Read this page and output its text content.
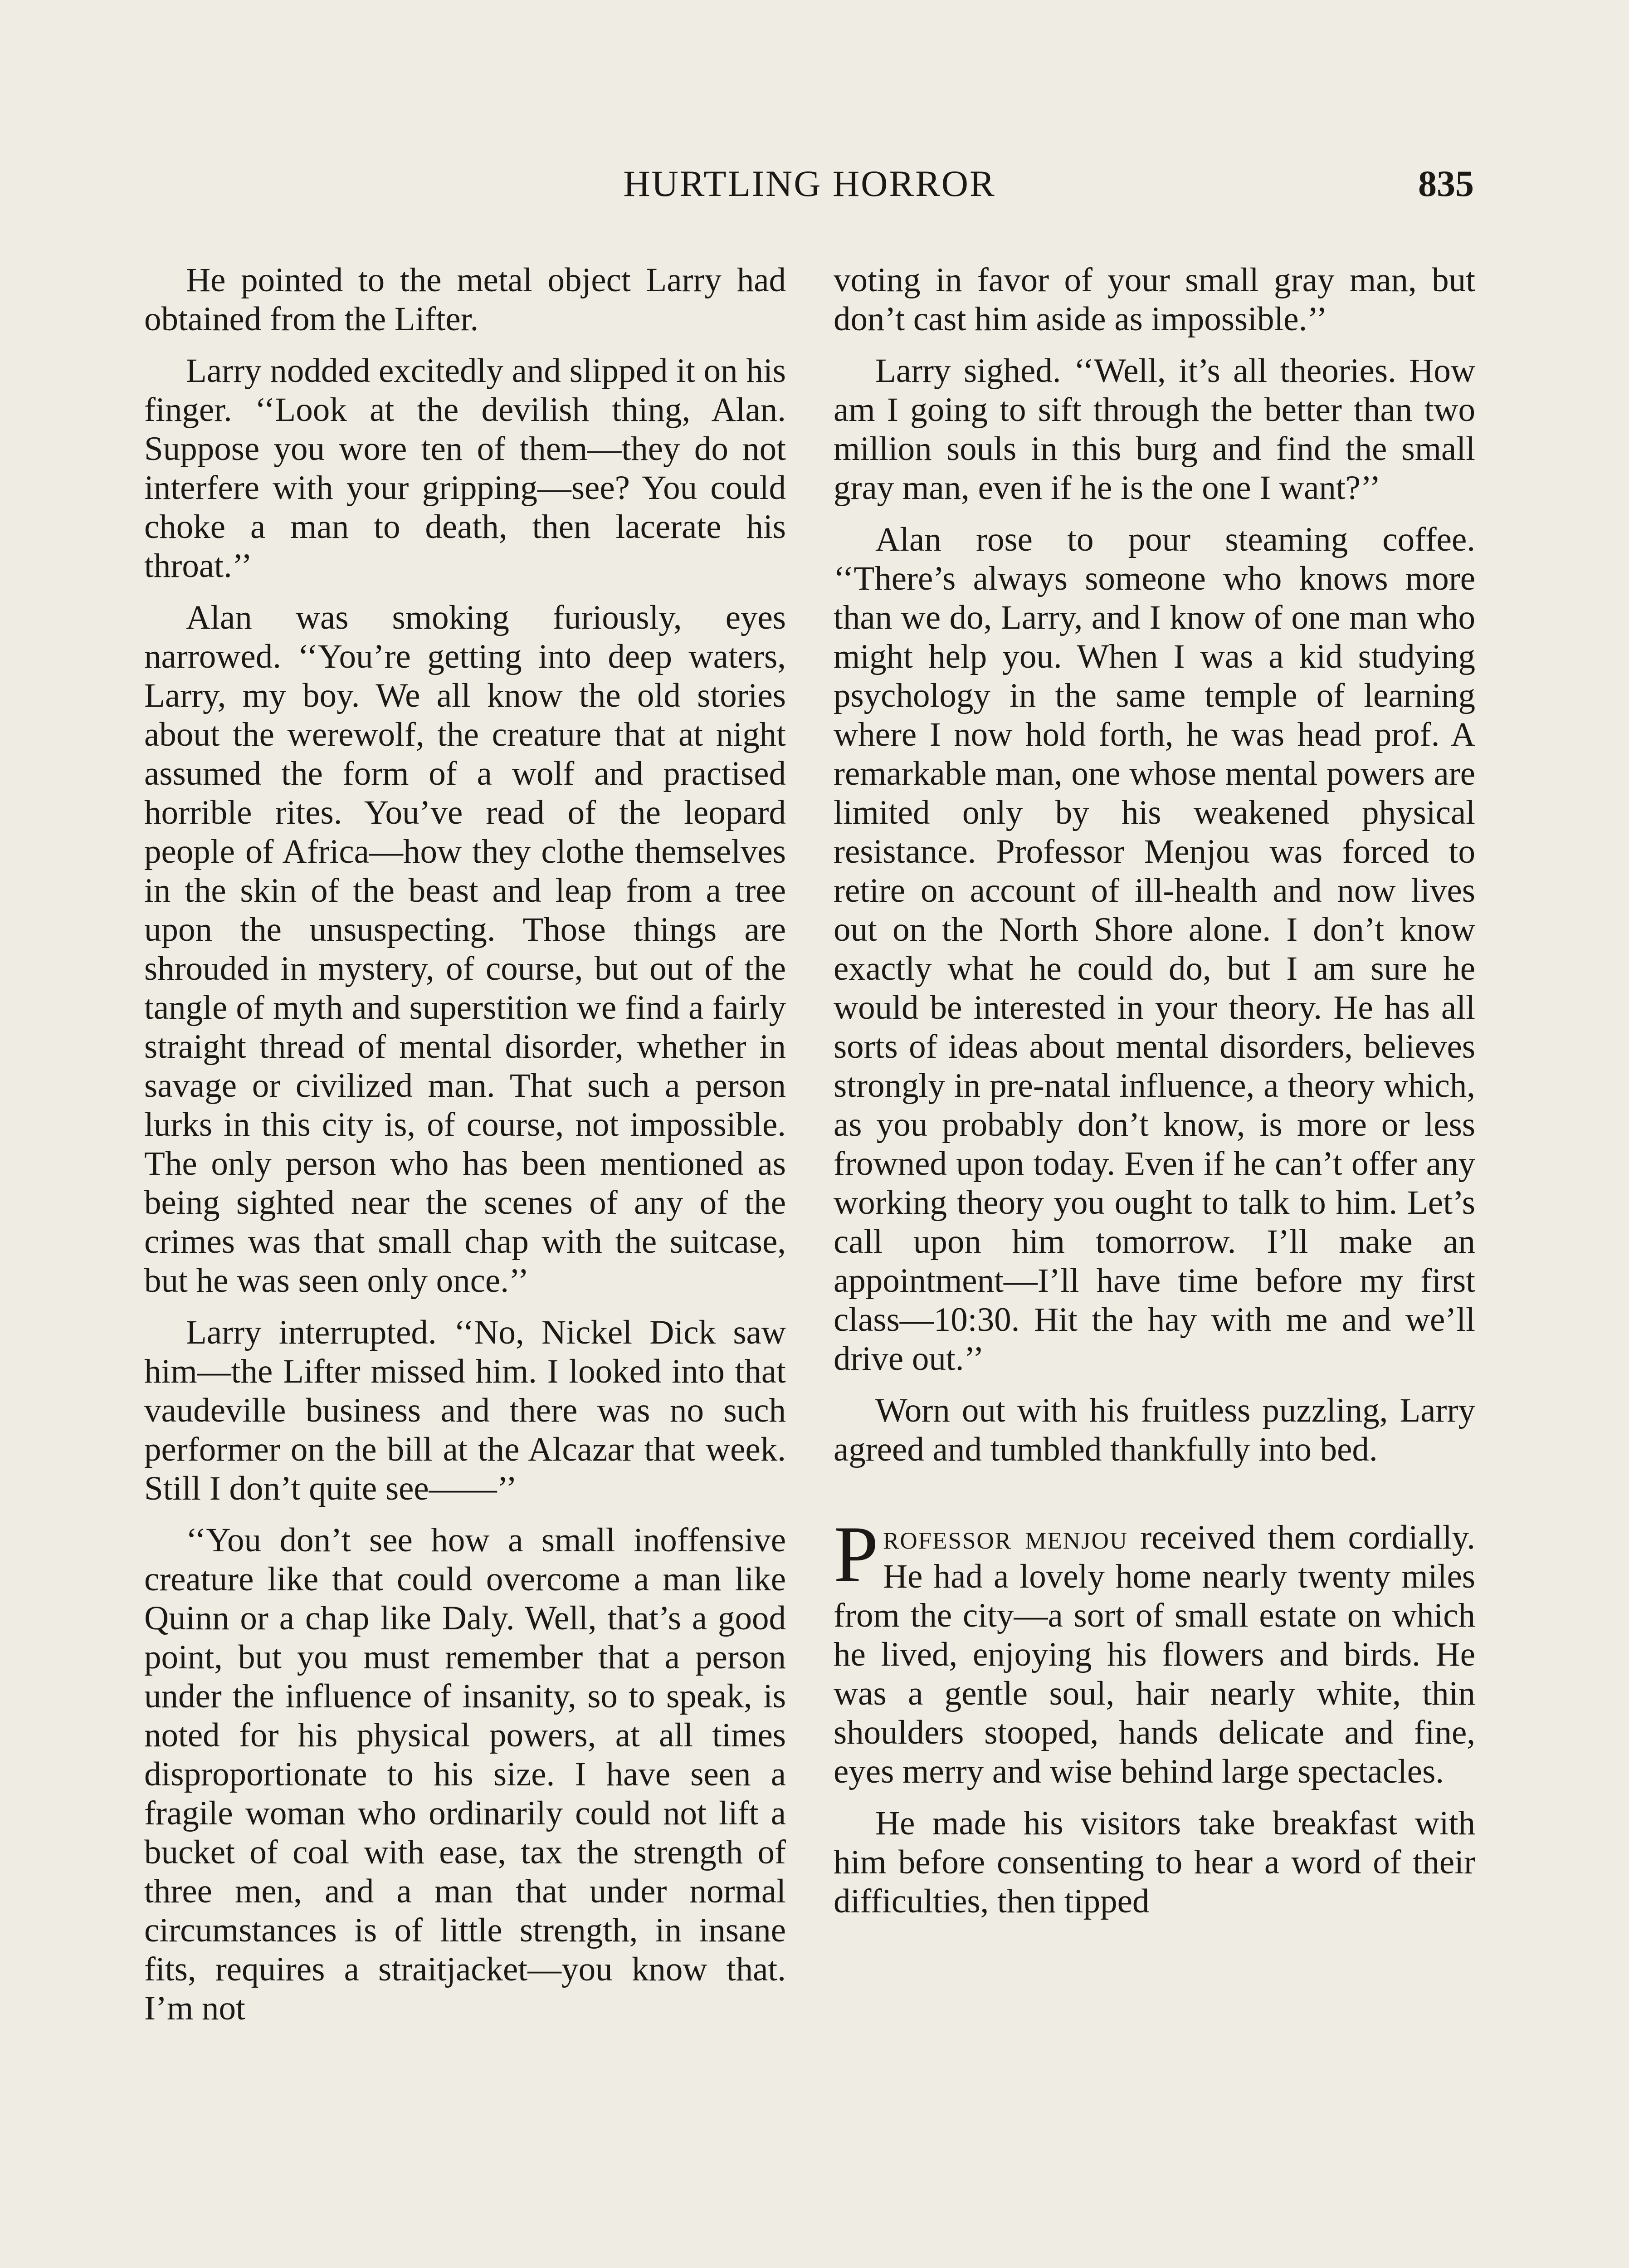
HURTLING HORROR	835

He pointed to the metal object Larry had obtained from the Lifter.

Larry nodded excitedly and slipped it on his finger. ‘‘Look at the devilish thing, Alan. Suppose you wore ten of them—they do not interfere with your gripping—see? You could choke a man to death, then lacerate his throat.’’

Alan was smoking furiously, eyes narrowed. ‘‘You’re getting into deep waters, Larry, my boy. We all know the old stories about the werewolf, the creature that at night assumed the form of a wolf and practised horrible rites. You’ve read of the leopard people of Africa—how they clothe themselves in the skin of the beast and leap from a tree upon the unsuspecting. Those things are shrouded in mystery, of course, but out of the tangle of myth and superstition we find a fairly straight thread of mental disorder, whether in savage or civilized man. That such a person lurks in this city is, of course, not impossible. The only person who has been mentioned as being sighted near the scenes of any of the crimes was that small chap with the suitcase, but he was seen only once.’’

Larry interrupted. ‘‘No, Nickel Dick saw him—the Lifter missed him. I looked into that vaudeville business and there was no such performer on the bill at the Alcazar that week. Still I don’t quite see——’’

‘‘You don’t see how a small inoffensive creature like that could overcome a man like Quinn or a chap like Daly. Well, that’s a good point, but you must remember that a person under the influence of insanity, so to speak, is noted for his physical powers, at all times disproportionate to his size. I have seen a fragile woman who ordinarily could not lift a bucket of coal with ease, tax the strength of three men, and a man that under normal circumstances is of little strength, in insane fits, requires a straitjacket—you know that. I’m not

voting in favor of your small gray man, but don’t cast him aside as impossible.’’

Larry sighed. ‘‘Well, it’s all theories. How am I going to sift through the better than two million souls in this burg and find the small gray man, even if he is the one I want?’’

Alan rose to pour steaming coffee. ‘‘There’s always someone who knows more than we do, Larry, and I know of one man who might help you. When I was a kid studying psychology in the same temple of learning where I now hold forth, he was head prof. A remarkable man, one whose mental powers are limited only by his weakened physical resistance. Professor Menjou was forced to retire on account of ill-health and now lives out on the North Shore alone. I don’t know exactly what he could do, but I am sure he would be interested in your theory. He has all sorts of ideas about mental disorders, believes strongly in pre-natal influence, a theory which, as you probably don’t know, is more or less frowned upon today. Even if he can’t offer any working theory you ought to talk to him. Let’s call upon him tomorrow. I’ll make an appointment—I’ll have time before my first class—10:30. Hit the hay with me and we’ll drive out.’’

Worn out with his fruitless puzzling, Larry agreed and tumbled thankfully into bed.

Professor menjou received them cordially. He had a lovely home nearly twenty miles from the city—a sort of small estate on which he lived, enjoying his flowers and birds. He was a gentle soul, hair nearly white, thin shoulders stooped, hands delicate and fine, eyes merry and wise behind large spectacles.

He made his visitors take breakfast with him before consenting to hear a word of their difficulties, then tipped
